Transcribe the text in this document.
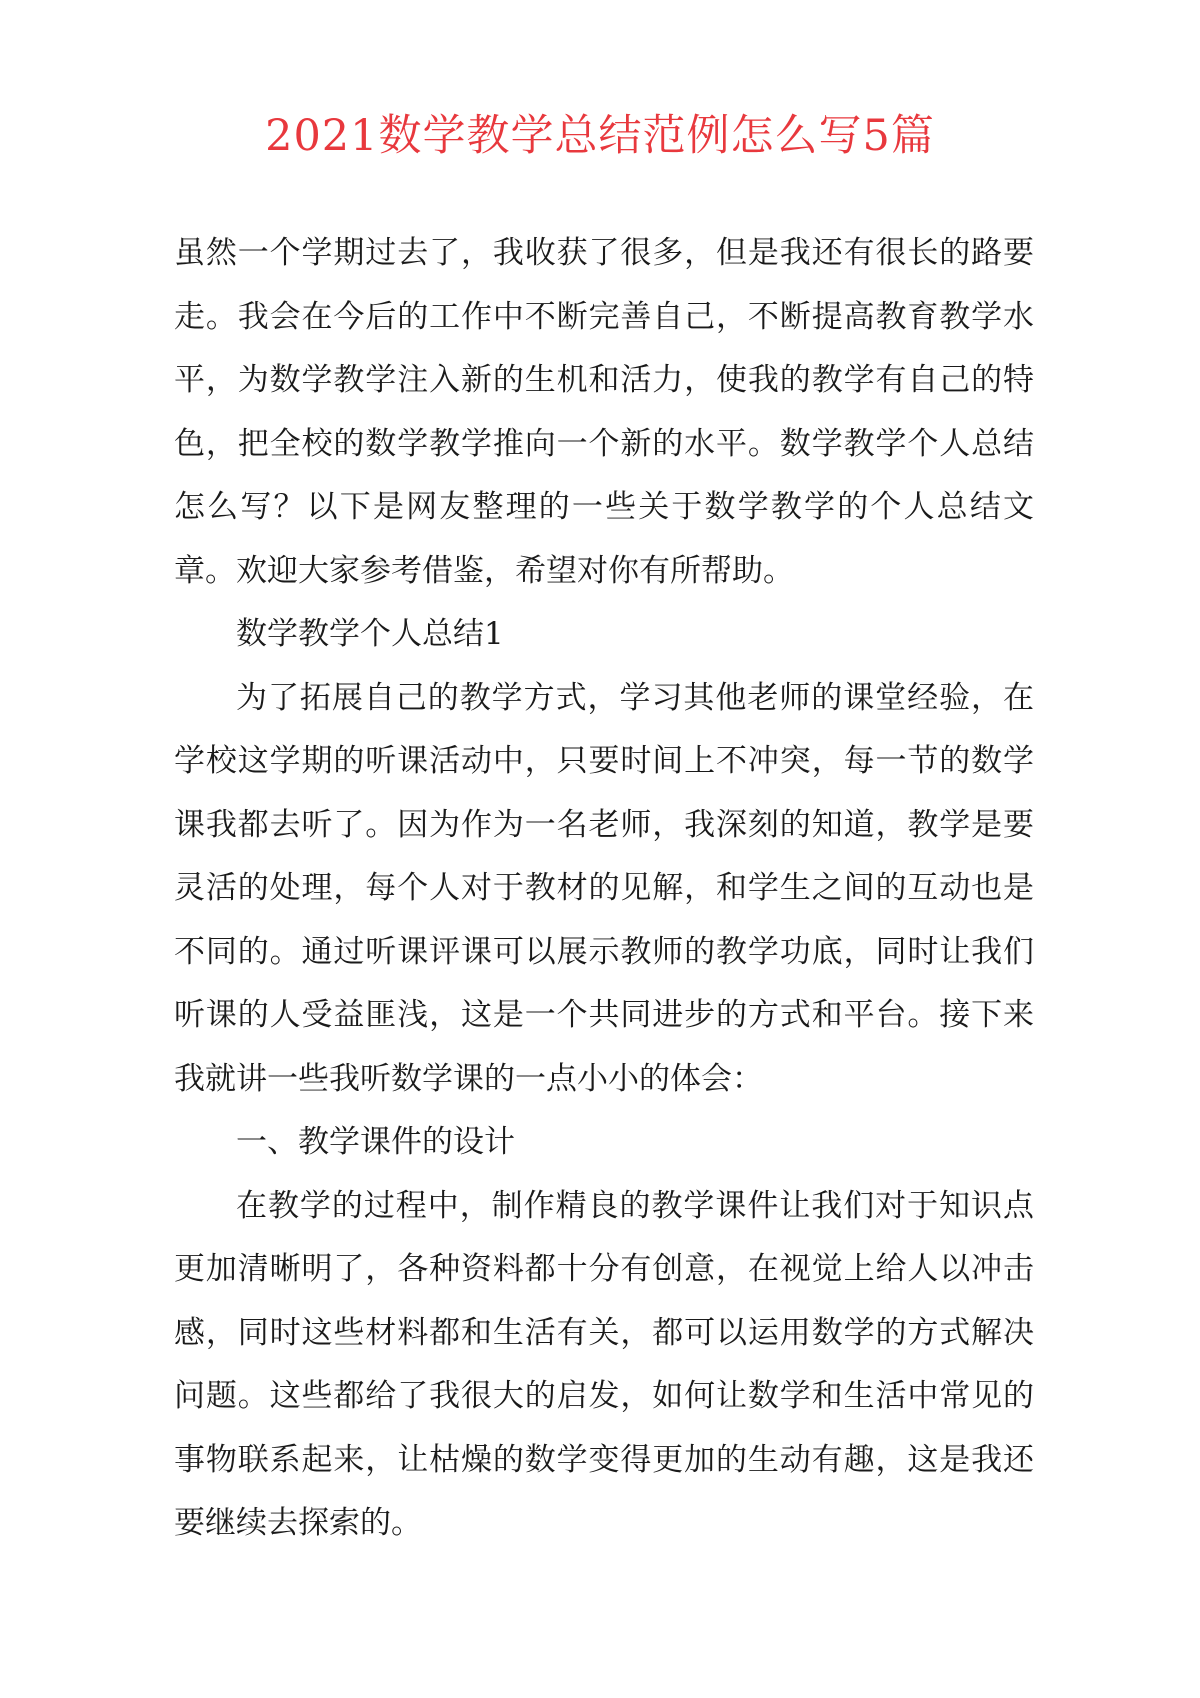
2021数学教学总结范例怎么写5篇

虽然一个学期过去了，我收获了很多，但是我还有很长的路要走。我会在今后的工作中不断完善自己，不断提高教育教学水平，为数学教学注入新的生机和活力，使我的教学有自己的特色，把全校的数学教学推向一个新的水平。数学教学个人总结怎么写？以下是网友整理的一些关于数学教学的个人总结文章。欢迎大家参考借鉴，希望对你有所帮助。

数学教学个人总结1

为了拓展自己的教学方式，学习其他老师的课堂经验，在学校这学期的听课活动中，只要时间上不冲突，每一节的数学课我都去听了。因为作为一名老师，我深刻的知道，教学是要灵活的处理，每个人对于教材的见解，和学生之间的互动也是不同的。通过听课评课可以展示教师的教学功底，同时让我们听课的人受益匪浅，这是一个共同进步的方式和平台。接下来我就讲一些我听数学课的一点小小的体会：

一、教学课件的设计

在教学的过程中，制作精良的教学课件让我们对于知识点更加清晰明了，各种资料都十分有创意，在视觉上给人以冲击感，同时这些材料都和生活有关，都可以运用数学的方式解决问题。这些都给了我很大的启发，如何让数学和生活中常见的事物联系起来，让枯燥的数学变得更加的生动有趣，这是我还要继续去探索的。
